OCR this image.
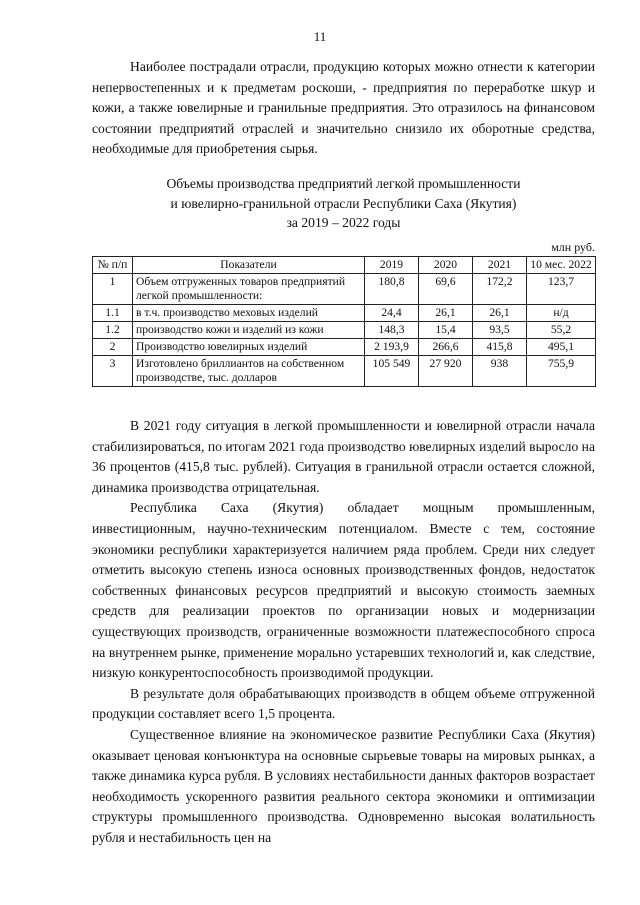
11

Наиболее пострадали отрасли, продукцию которых можно отнести к категории непервостепенных и к предметам роскоши, - предприятия по переработке шкур и кожи, а также ювелирные и гранильные предприятия. Это отразилось на финансовом состоянии предприятий отраслей и значительно снизило их оборотные средства, необходимые для приобретения сырья.

Объемы производства предприятий легкой промышленности
и ювелирно-гранильной отрасли Республики Саха (Якутия)
за 2019 – 2022 годы
млн руб.
№ п/п	Показатели	2019	2020	2021	10 мес. 2022
1	Объем отгруженных товаров предприятий легкой промышленности:	180,8	69,6	172,2	123,7
1.1	в т.ч. производство меховых изделий	24,4	26,1	26,1	н/д
1.2	производство кожи и изделий из кожи	148,3	15,4	93,5	55,2
2	Производство ювелирных изделий	2 193,9	266,6	415,8	495,1
3	Изготовлено бриллиантов на собственном производстве, тыс. долларов	105 549	27 920	938	755,9

В 2021 году ситуация в легкой промышленности и ювелирной отрасли начала стабилизироваться, по итогам 2021 года производство ювелирных изделий выросло на 36 процентов (415,8 тыс. рублей). Ситуация в гранильной отрасли остается сложной, динамика производства отрицательная.

Республика Саха (Якутия) обладает мощным промышленным, инвестиционным, научно-техническим потенциалом. Вместе с тем, состояние экономики республики характеризуется наличием ряда проблем. Среди них следует отметить высокую степень износа основных производственных фондов, недостаток собственных финансовых ресурсов предприятий и высокую стоимость заемных средств для реализации проектов по организации новых и модернизации существующих производств, ограниченные возможности платежеспособного спроса на внутреннем рынке, применение морально устаревших технологий и, как следствие, низкую конкурентоспособность производимой продукции.

В результате доля обрабатывающих производств в общем объеме отгруженной продукции составляет всего 1,5 процента.

Существенное влияние на экономическое развитие Республики Саха (Якутия) оказывает ценовая конъюнктура на основные сырьевые товары на мировых рынках, а также динамика курса рубля. В условиях нестабильности данных факторов возрастает необходимость ускоренного развития реального сектора экономики и оптимизации структуры промышленного производства. Одновременно высокая волатильность рубля и нестабильность цен на
